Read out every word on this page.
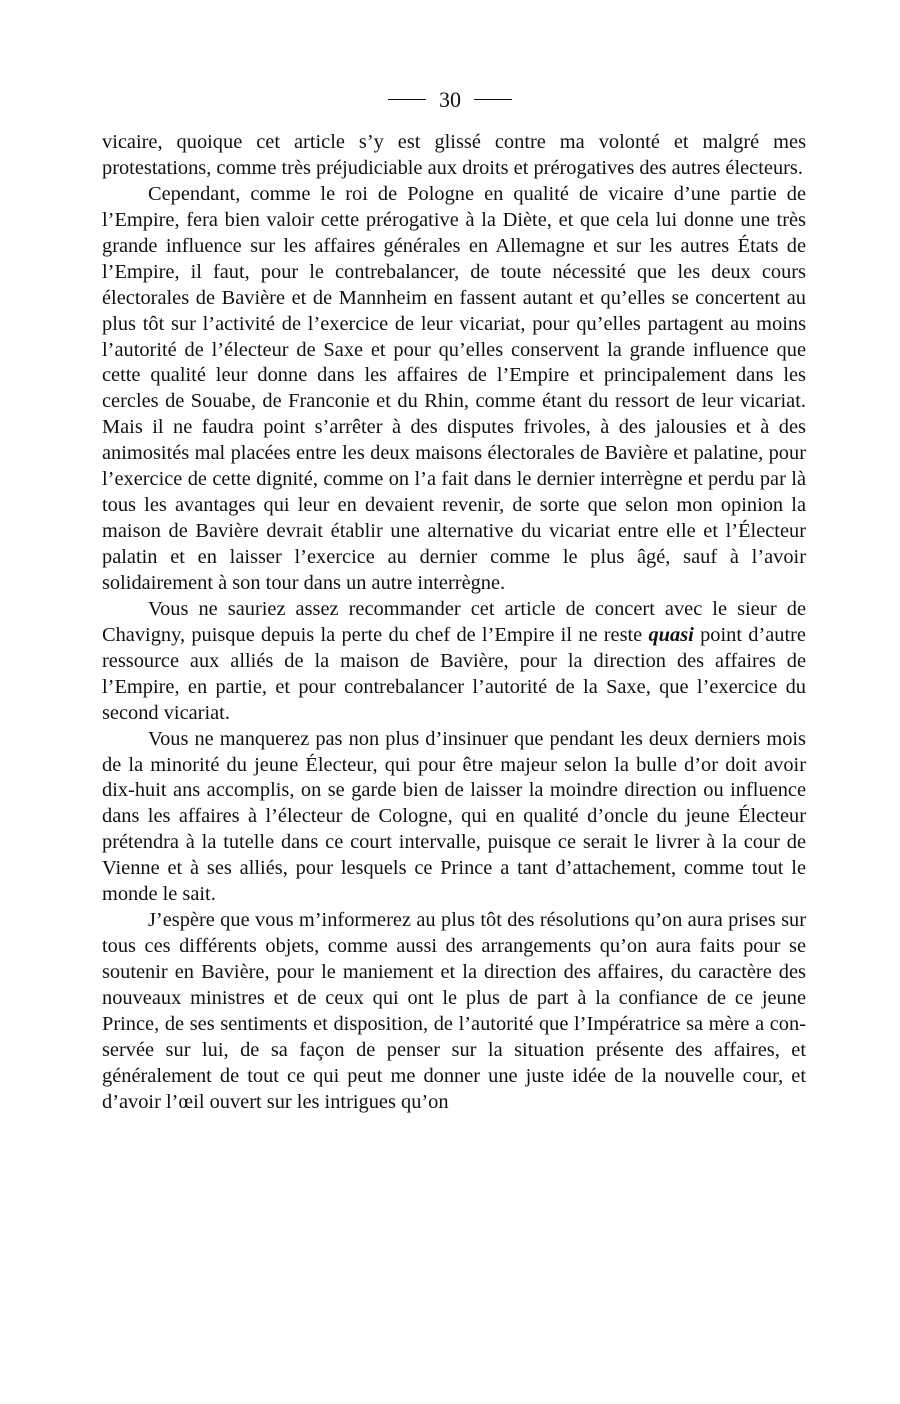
30

vicaire, quoique cet article s’y est glissé contre ma volonté et malgré mes protestations, comme très préjudiciable aux droits et prérogatives des autres électeurs.

Cependant, comme le roi de Pologne en qualité de vicaire d’une partie de l’Empire, fera bien valoir cette prérogative à la Diète, et que cela lui donne une très grande influence sur les affaires générales en Allemagne et sur les autres États de l’Empire, il faut, pour le contrebalancer, de toute nécessité que les deux cours électorales de Bavière et de Mannheim en fassent autant et qu’elles se concertent au plus tôt sur l’activité de l’exercice de leur vicariat, pour qu’elles partagent au moins l’autorité de l’électeur de Saxe et pour qu’elles conservent la grande influence que cette qualité leur donne dans les affaires de l’Empire et principalement dans les cercles de Souabe, de Franconie et du Rhin, comme étant du ressort de leur vicariat. Mais il ne faudra point s’arrêter à des disputes frivoles, à des jalousies et à des animosités mal placées entre les deux maisons électorales de Bavière et palatine, pour l’exercice de cette dignité, comme on l’a fait dans le dernier interrègne et perdu par là tous les avantages qui leur en devaient revenir, de sorte que selon mon opinion la maison de Bavière devrait établir une alternative du vicariat entre elle et l’Électeur palatin et en laisser l’exercice au dernier comme le plus âgé, sauf à l’avoir solidairement à son tour dans un autre interrègne.

Vous ne sauriez assez recommander cet article de concert avec le sieur de Chavigny, puisque depuis la perte du chef de l’Empire il ne reste quasi point d’autre ressource aux alliés de la maison de Bavière, pour la direction des affaires de l’Empire, en partie, et pour contrebalancer l’autorité de la Saxe, que l’exercice du second vicariat.

Vous ne manquerez pas non plus d’insinuer que pendant les deux derniers mois de la minorité du jeune Électeur, qui pour être majeur selon la bulle d’or doit avoir dix-huit ans accomplis, on se garde bien de laisser la moindre direction ou influence dans les affaires à l’électeur de Cologne, qui en qualité d’oncle du jeune Électeur prétendra à la tutelle dans ce court intervalle, puisque ce serait le livrer à la cour de Vienne et à ses alliés, pour lesquels ce Prince a tant d’attachement, comme tout le monde le sait.

J’espère que vous m’informerez au plus tôt des résolutions qu’on aura prises sur tous ces différents objets, comme aussi des arrangements qu’on aura faits pour se soutenir en Bavière, pour le maniement et la direction des affaires, du caractère des nouveaux ministres et de ceux qui ont le plus de part à la confiance de ce jeune Prince, de ses sentiments et disposition, de l’autorité que l’Impératrice sa mère a conservée sur lui, de sa façon de penser sur la situation présente des affaires, et généralement de tout ce qui peut me donner une juste idée de la nouvelle cour, et d’avoir l’œil ouvert sur les intrigues qu’on
